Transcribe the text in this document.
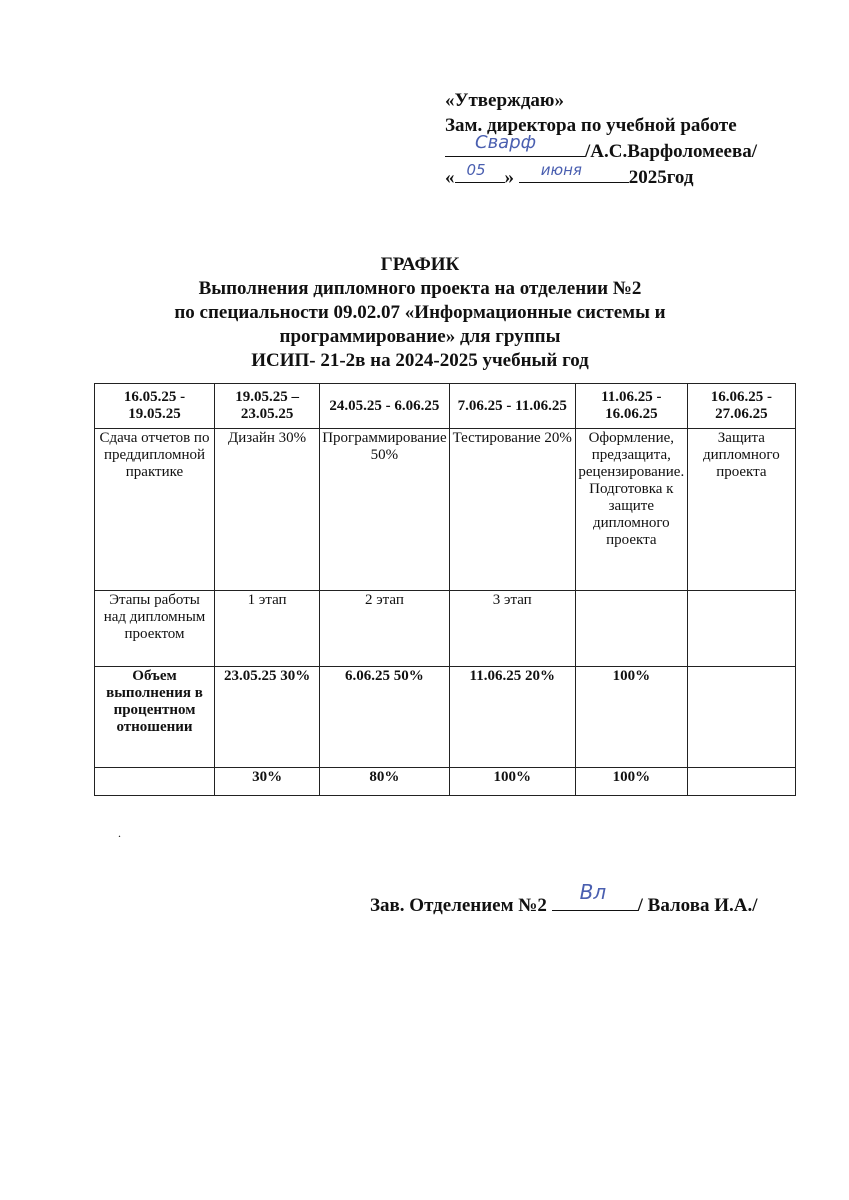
«Утверждаю»
Зам. директора по учебной работе
Сварф	/А.С.Варфоломеева/
« 05 » июня 2025год
ГРАФИК
Выполнения дипломного проекта на отделении №2
по специальности 09.02.07 «Информационные системы и
программирование» для группы
ИСИП- 21-2в на 2024-2025 учебный год
16.05.25 - 19.05.25	19.05.25 – 23.05.25	24.05.25 - 6.06.25	7.06.25 - 11.06.25	11.06.25 - 16.06.25	16.06.25 - 27.06.25
Сдача отчетов по преддипломной практике	Дизайн 30%	Программирование 50%	Тестирование 20%	Оформление, предзащита, рецензирование. Подготовка к защите дипломного проекта	Защита дипломного проекта
Этапы работы над дипломным проектом	1 этап	2 этап	3 этап		
Объем выполнения в процентном отношении	23.05.25 30%	6.06.25 50%	11.06.25 20%	100%	
	30%	80%	100%	100%	
.
Зав. Отделением №2
Вл
/ Валова И.А./
